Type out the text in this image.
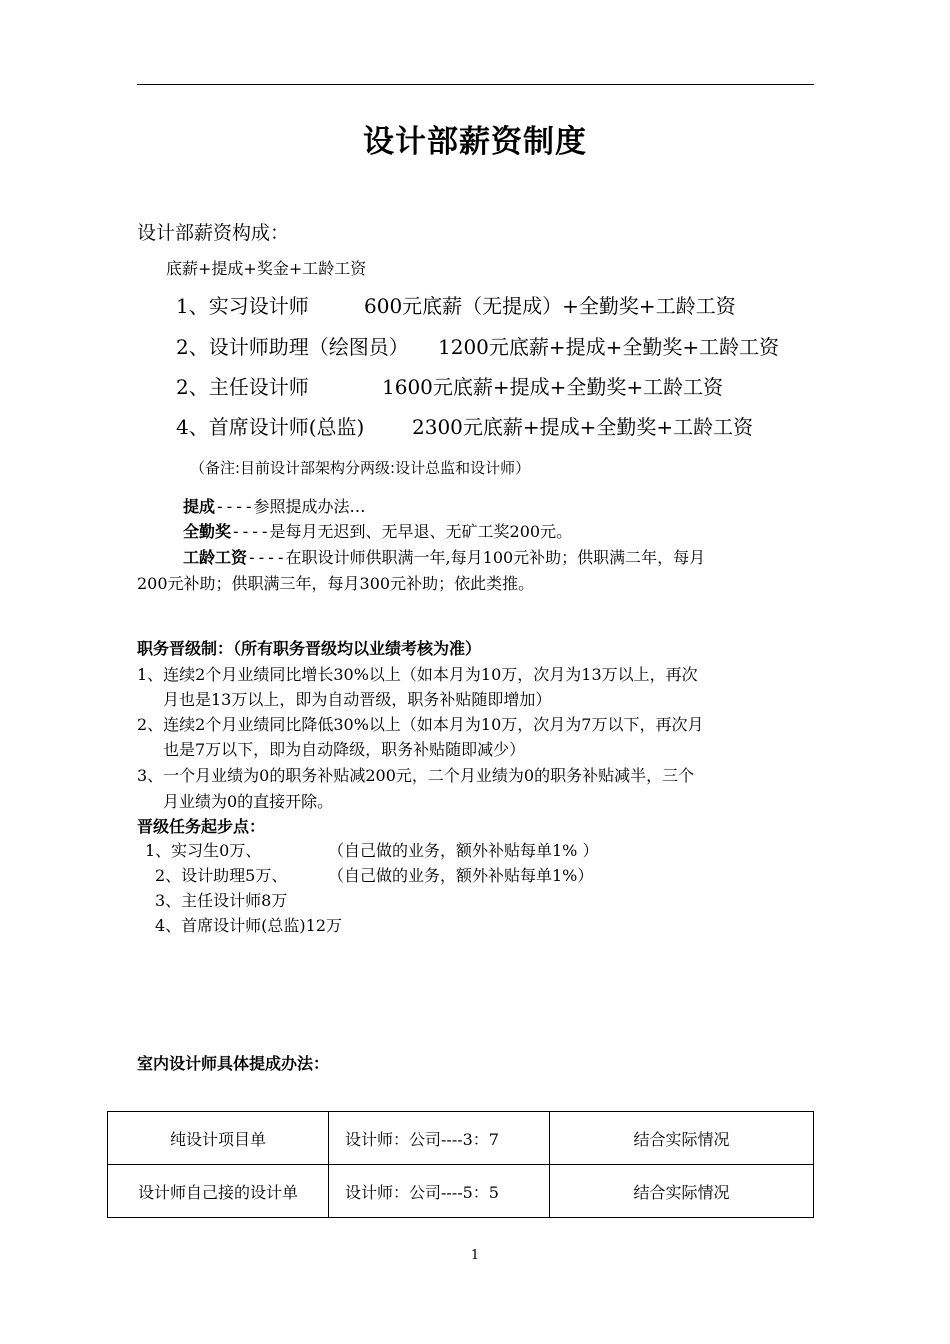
设计部薪资制度
设计部薪资构成：
底薪+提成+奖金+工龄工资
1、实习设计师	600元底薪（无提成）+全勤奖+工龄工资
2、设计师助理（绘图员） 1200元底薪+提成+全勤奖+工龄工资
2、主任设计师	1600元底薪+提成+全勤奖+工龄工资
4、首席设计师(总监) 2300元底薪+提成+全勤奖+工龄工资
（备注:目前设计部架构分两级:设计总监和设计师）
提成----参照提成办法…
全勤奖----是每月无迟到、无早退、无矿工奖200元。
工龄工资----在职设计师供职满一年,每月100元补助；供职满二年，每月
200元补助；供职满三年，每月300元补助；依此类推。
职务晋级制：（所有职务晋级均以业绩考核为准）
1、连续2个月业绩同比增长30%以上（如本月为10万，次月为13万以上，再次
月也是13万以上，即为自动晋级，职务补贴随即增加）
2、连续2个月业绩同比降低30%以上（如本月为10万，次月为7万以下，再次月
也是7万以下，即为自动降级，职务补贴随即减少）
3、一个月业绩为0的职务补贴减200元，二个月业绩为0的职务补贴减半，三个
月业绩为0的直接开除。
晋级任务起步点：
1、实习生0万、	（自己做的业务，额外补贴每单1% ）
2、设计助理5万、	（自己做的业务，额外补贴每单1%）
3、主任设计师8万
4、首席设计师(总监)12万
室内设计师具体提成办法：
纯设计项目单	设计师：公司----3：7	结合实际情况
设计师自己接的设计单	设计师：公司----5：5	结合实际情况
1
